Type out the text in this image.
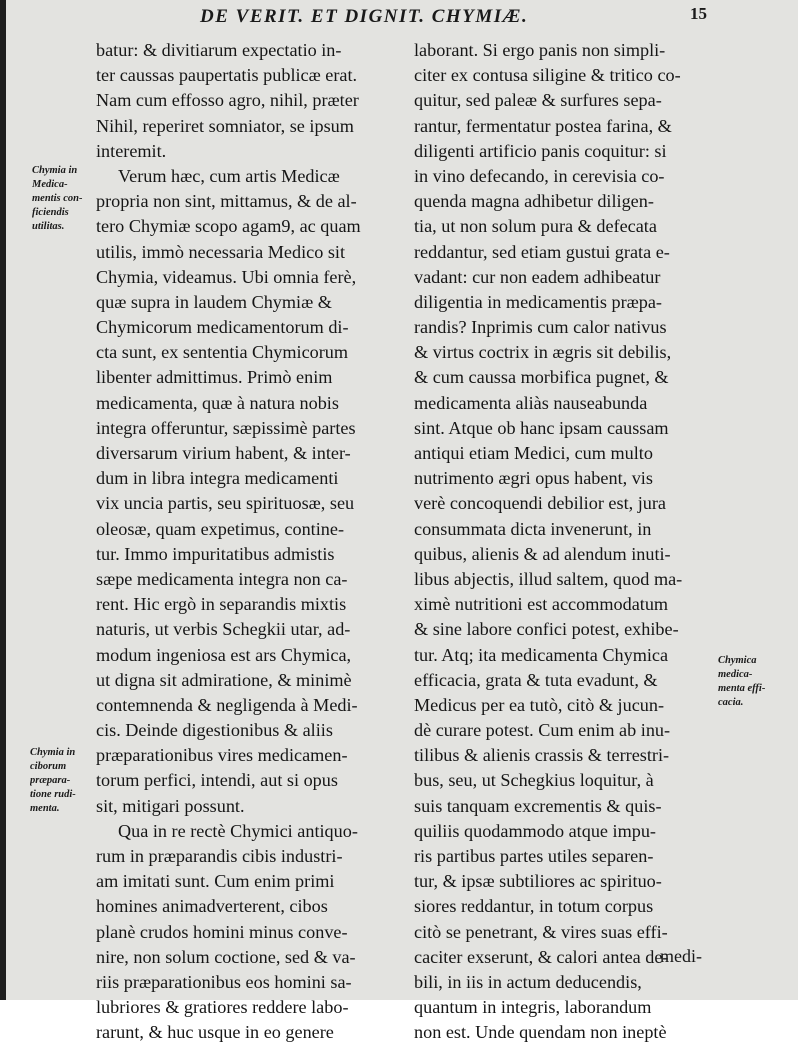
DE VERIT. ET DIGNIT. CHYMIÆ.	15
batur: & divitiarum expectatio in-
ter caussas paupertatis publicæ erat.
Nam cum effosso agro, nihil, præter
Nihil, reperiret somniator, se ipsum
interemit.
Verum hæc, cum artis Medicæ
propria non sint, mittamus, & de al-
tero Chymiæ scopo agam9, ac quam
utilis, immò necessaria Medico sit
Chymia, videamus. Ubi omnia ferè,
quæ supra in laudem Chymiæ &
Chymicorum medicamentorum di-
cta sunt, ex sententia Chymicorum
libenter admittimus. Primò enim
medicamenta, quæ à natura nobis
integra offeruntur, sæpissimè partes
diversarum virium habent, & inter-
dum in libra integra medicamenti
vix uncia partis, seu spirituosæ, seu
oleosæ, quam expetimus, contine-
tur. Immo impuritatibus admistis
sæpe medicamenta integra non ca-
rent. Hic ergò in separandis mixtis
naturis, ut verbis Schegkii utar, ad-
modum ingeniosa est ars Chymica,
ut digna sit admiratione, & minimè
contemnenda & negligenda à Medi-
cis. Deinde digestionibus & aliis
præparationibus vires medicamen-
torum perfici, intendi, aut si opus
sit, mitigari possunt.
Qua in re rectè Chymici antiquo-
rum in præparandis cibis industri-
am imitati sunt. Cum enim primi
homines animadverterent, cibos
planè crudos homini minus conve-
nire, non solum coctione, sed & va-
riis præparationibus eos homini sa-
lubriores & gratiores reddere labo-
rarunt, & huc usque in eo genere
laborant. Si ergo panis non simpli-
citer ex contusa siligine & tritico co-
quitur, sed paleæ & surfures sepa-
rantur, fermentatur postea farina, &
diligenti artificio panis coquitur: si
in vino defecando, in cerevisia co-
quenda magna adhibetur diligen-
tia, ut non solum pura & defecata
reddantur, sed etiam gustui grata e-
vadant: cur non eadem adhibeatur
diligentia in medicamentis præpa-
randis? Inprimis cum calor nativus
& virtus coctrix in ægris sit debilis,
& cum caussa morbifica pugnet, &
medicamenta aliàs nauseabunda
sint. Atque ob hanc ipsam caussam
antiqui etiam Medici, cum multo
nutrimento ægri opus habent, vis
verè concoquendi debilior est, jura
consummata dicta invenerunt, in
quibus, alienis & ad alendum inuti-
libus abjectis, illud saltem, quod ma-
ximè nutritioni est accommodatum
& sine labore confici potest, exhibe-
tur. Atq; ita medicamenta Chymica
efficacia, grata & tuta evadunt, &
Medicus per ea tutò, citò & jucun-
dè curare potest. Cum enim ab inu-
tilibus & alienis crassis & terrestri-
bus, seu, ut Schegkius loquitur, à
suis tanquam excrementis & quis-
quiliis quodammodo atque impu-
ris partibus partes utiles separen-
tur, & ipsæ subtiliores ac spirituo-
siores reddantur, in totum corpus
citò se penetrant, & vires suas effi-
caciter exserunt, & calori antea de-
bili, in iis in actum deducendis,
quantum in integris, laborandum
non est. Unde quendam non ineptè
Chymia in
Medica-
mentis con-
ficiendis
utilitas.
Chymia in
ciborum
præpara-
tione rudi-
menta.
Chymica
medica-
menta effi-
cacia.
medi-
